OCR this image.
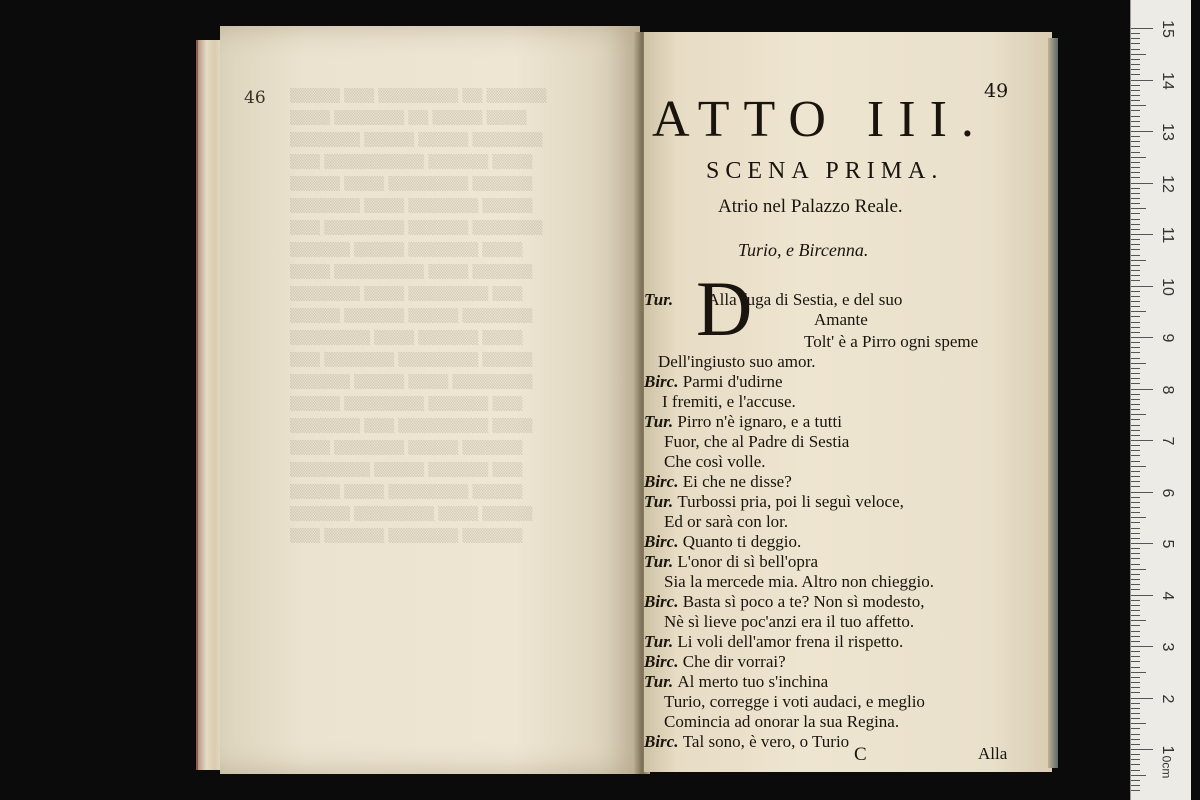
46 ▒▒▒▒▒ ▒▒▒ ▒▒▒▒▒▒▒▒ ▒▒ ▒▒▒▒▒▒
▒▒▒▒ ▒▒▒▒▒▒▒ ▒▒ ▒▒▒▒▒ ▒▒▒▒
▒▒▒▒▒▒▒ ▒▒▒▒▒ ▒▒▒▒▒ ▒▒▒▒▒▒▒
▒▒▒ ▒▒▒▒▒▒▒▒▒▒ ▒▒▒▒▒▒ ▒▒▒▒
▒▒▒▒▒ ▒▒▒▒ ▒▒▒▒▒▒▒▒ ▒▒▒▒▒▒
▒▒▒▒▒▒▒ ▒▒▒▒ ▒▒▒▒▒▒▒ ▒▒▒▒▒
▒▒▒ ▒▒▒▒▒▒▒▒ ▒▒▒▒▒▒ ▒▒▒▒▒▒▒
▒▒▒▒▒▒ ▒▒▒▒▒ ▒▒▒▒▒▒▒ ▒▒▒▒
▒▒▒▒ ▒▒▒▒▒▒▒▒▒ ▒▒▒▒ ▒▒▒▒▒▒
▒▒▒▒▒▒▒ ▒▒▒▒ ▒▒▒▒▒▒▒▒ ▒▒▒
▒▒▒▒▒ ▒▒▒▒▒▒ ▒▒▒▒▒ ▒▒▒▒▒▒▒
▒▒▒▒▒▒▒▒ ▒▒▒▒ ▒▒▒▒▒▒ ▒▒▒▒
▒▒▒ ▒▒▒▒▒▒▒ ▒▒▒▒▒▒▒▒ ▒▒▒▒▒
▒▒▒▒▒▒ ▒▒▒▒▒ ▒▒▒▒ ▒▒▒▒▒▒▒▒
▒▒▒▒▒ ▒▒▒▒▒▒▒▒ ▒▒▒▒▒▒ ▒▒▒
▒▒▒▒▒▒▒ ▒▒▒ ▒▒▒▒▒▒▒▒▒ ▒▒▒▒
▒▒▒▒ ▒▒▒▒▒▒▒ ▒▒▒▒▒ ▒▒▒▒▒▒
▒▒▒▒▒▒▒▒ ▒▒▒▒▒ ▒▒▒▒▒▒ ▒▒▒
▒▒▒▒▒ ▒▒▒▒ ▒▒▒▒▒▒▒▒ ▒▒▒▒▒
▒▒▒▒▒▒ ▒▒▒▒▒▒▒▒ ▒▒▒▒ ▒▒▒▒▒
▒▒▒ ▒▒▒▒▒▒ ▒▒▒▒▒▒▒ ▒▒▒▒▒▒
49
ATTO III.
SCENA PRIMA.
Atrio nel Palazzo Reale.
Turio, e Bircenna.
D
Tur. Alla fuga di Sestia, e del suo
Amante
Tolt' è a Pirro ogni speme
Dell'ingiusto suo amor.
Birc. Parmi d'udirne
I fremiti, e l'accuse.
Tur. Pirro n'è ignaro, e a tutti
Fuor, che al Padre di Sestia
Che così volle.
Birc. Ei che ne disse?
Tur. Turbossi pria, poi li seguì veloce,
Ed or sarà con lor.
Birc. Quanto ti deggio.
Tur. L'onor di sì bell'opra
Sia la mercede mia. Altro non chieggio.
Birc. Basta sì poco a te? Non sì modesto,
Nè sì lieve poc'anzi era il tuo affetto.
Tur. Li voli dell'amor frena il rispetto.
Birc. Che dir vorrai?
Tur. Al merto tuo s'inchina
Turio, corregge i voti audaci, e meglio
Comincia ad onorar la sua Regina.
Birc. Tal sono, è vero, o Turio
C	Alla
0cm
15
14
13
12
11
10
9
8
7
6
5
4
3
2
1
